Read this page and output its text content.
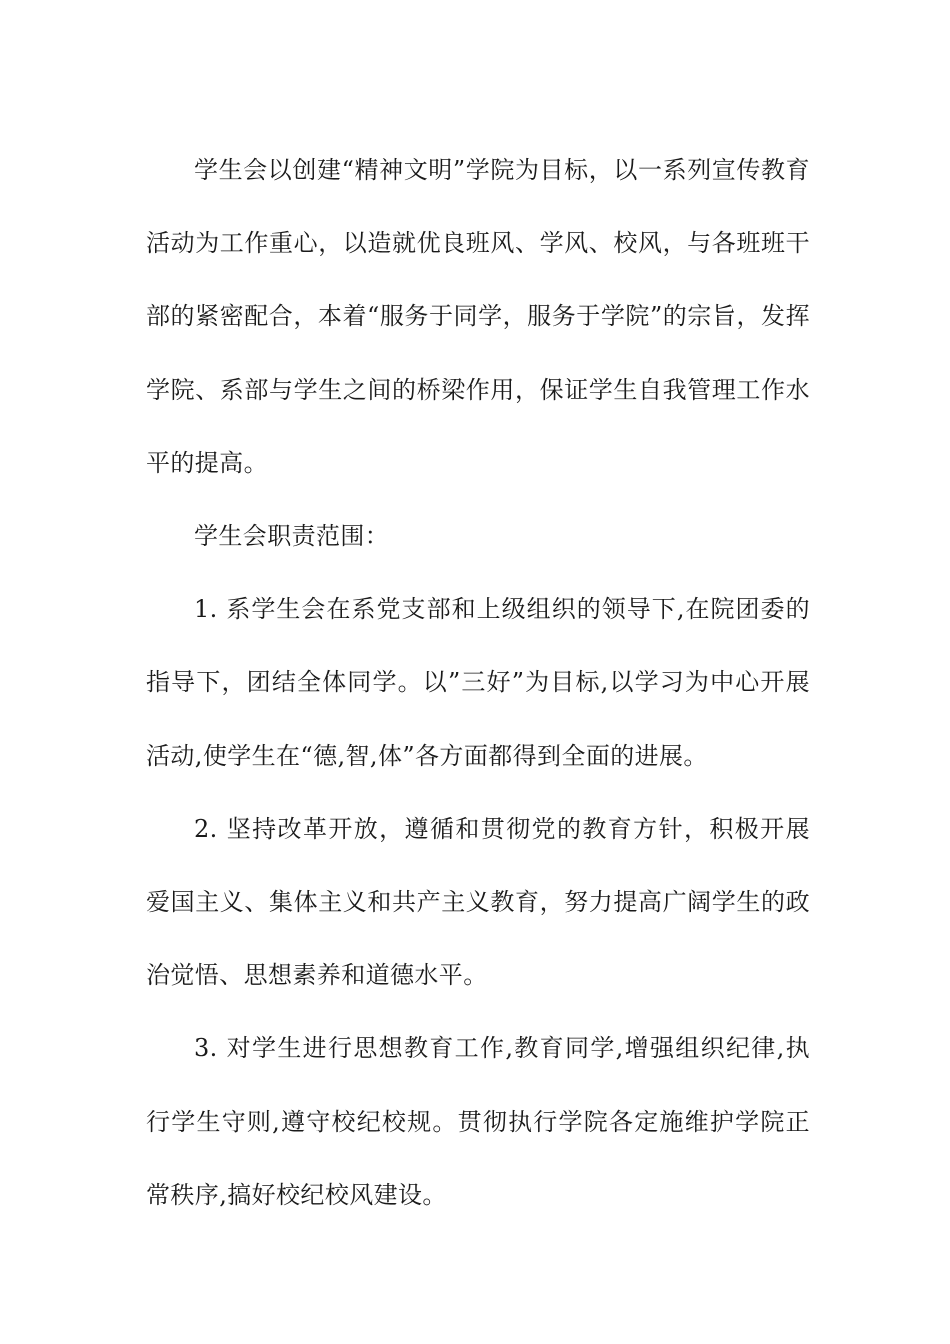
学生会以创建“精神文明”学院为目标，以一系列宣传教育活动为工作重心，以造就优良班风、学风、校风，与各班班干部的紧密配合，本着“服务于同学，服务于学院”的宗旨，发挥学院、系部与学生之间的桥梁作用，保证学生自我管理工作水平的提高。

学生会职责范围：

1. 系学生会在系党支部和上级组织的领导下,在院团委的指导下，团结全体同学。以”三好”为目标,以学习为中心开展活动,使学生在“德,智,体”各方面都得到全面的进展。

2. 坚持改革开放，遵循和贯彻党的教育方针，积极开展爱国主义、集体主义和共产主义教育，努力提高广阔学生的政治觉悟、思想素养和道德水平。

3. 对学生进行思想教育工作,教育同学,增强组织纪律,执行学生守则,遵守校纪校规。贯彻执行学院各定施维护学院正常秩序,搞好校纪校风建设。
